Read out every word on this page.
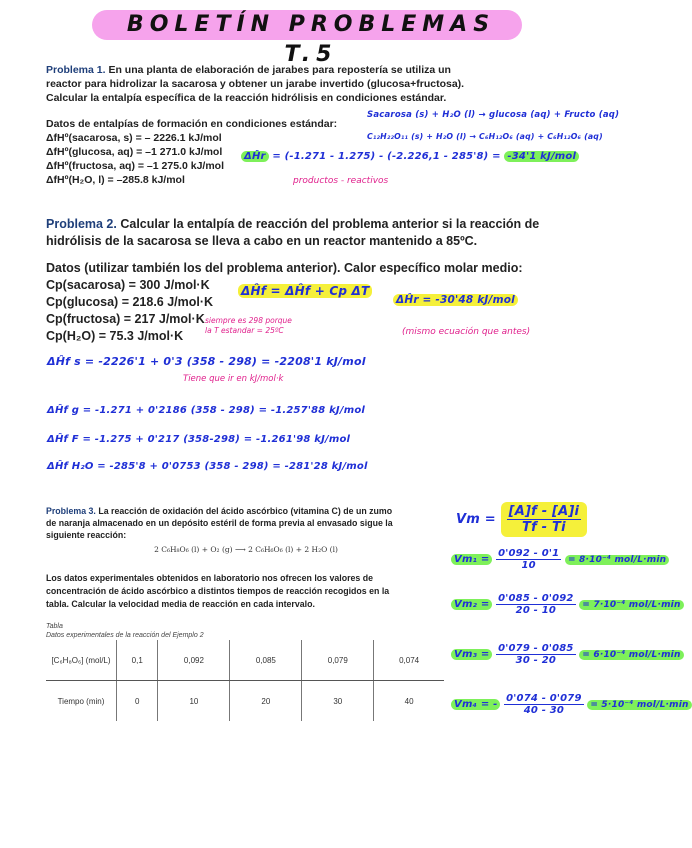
BOLETÍN PROBLEMAS T.5
Problema 1. En una planta de elaboración de jarabes para repostería se utiliza un
reactor para hidrolizar la sacarosa y obtener un jarabe invertido (glucosa+fructosa).
Calcular la entalpía específica de la reacción hidrólisis en condiciones estándar.
Datos de entalpías de formación en condiciones estándar:
ΔfHº(sacarosa, s) = – 2226.1 kJ/mol
ΔfHº(glucosa, aq) = –1 271.0 kJ/mol
ΔfHº(fructosa, aq) = –1 275.0 kJ/mol
ΔfHº(H₂O, l) = –285.8 kJ/mol
Sacarosa (s) + H₂O (l) → glucosa (aq) + Fructo (aq)
C₁₂H₂₂O₁₁ (s) + H₂O (l) → C₆H₁₂O₆ (aq) + C₆H₁₂O₆ (aq)
ΔĤr = (-1.271 - 1.275) - (-2.226,1 - 285'8) = -34'1 kJ/mol
productos - reactivos
Problema 2. Calcular la entalpía de reacción del problema anterior si la reacción de
hidrólisis de la sacarosa se lleva a cabo en un reactor mantenido a 85ºC.
Datos (utilizar también los del problema anterior). Calor específico molar medio:
Cp(sacarosa) = 300 J/mol·K
Cp(glucosa) = 218.6 J/mol·K
Cp(fructosa) = 217 J/mol·K
Cp(H₂O) = 75.3 J/mol·K
ΔĤf = ΔĤf + Cp ΔT
ΔĤr = -30'48 kJ/mol
siempre es 298 porque
la T estandar = 25ºC	(mismo ecuación que antes)
ΔĤf s = -2226'1 + 0'3 (358 - 298) = -2208'1 kJ/mol
Tiene que ir en kJ/mol·k
ΔĤf g = -1.271 + 0'2186 (358 - 298) = -1.257'88 kJ/mol
ΔĤf F = -1.275 + 0'217 (358-298) = -1.261'98 kJ/mol
ΔĤf H₂O = -285'8 + 0'0753 (358 - 298) = -281'28 kJ/mol
Problema 3. La reacción de oxidación del ácido ascórbico (vitamina C) de un zumo
de naranja almacenado en un depósito estéril de forma previa al envasado sigue la
siguiente reacción:
2 C₆H₈O₆ (l) + O₂ (g) ⟶ 2 C₆H₆O₆ (l) + 2 H₂O (l)
Los datos experimentales obtenidos en laboratorio nos ofrecen los valores de
concentración de ácido ascórbico a distintos tiempos de reacción recogidos en la
tabla. Calcular la velocidad media de reacción en cada intervalo.
Tabla
Datos experimentales de la reacción del Ejemplo 2
[C₆H₈O₆] (mol/L)	0,1	0,092	0,085	0,079	0,074
Tiempo (min)	0	10	20	30	40
$Vm = \frac{[A]f - [A]i}{Tf - Ti}$
$Vm_1 = \frac{0'092 - 0'1}{10} = 8\cdot 10^{-4}$ mol/L·min
$Vm_2 = \frac{0'085 - 0'092}{20 - 10} = 7\cdot 10^{-4}$ mol/L·min
$Vm_3 = \frac{0'079 - 0'085}{30 - 20} = 6\cdot 10^{-4}$ mol/L·min
Vm₄ = - $\frac{0'074 - 0'079}{40 - 30} = 5\cdot 10^{-4}$ mol/L·min
